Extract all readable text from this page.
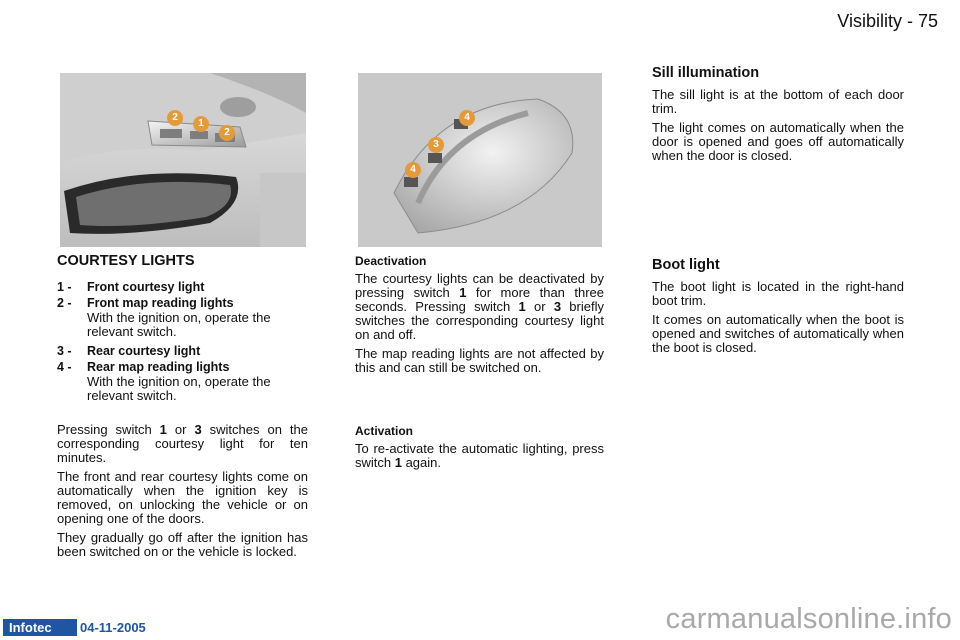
Visibility - 75
2
1
2
4
3
4
COURTESY LIGHTS
1 -	Front courtesy light
2 -	Front map reading lights
With the ignition on, operate the relevant switch.
3 -	Rear courtesy light
4 -	Rear map reading lights
With the ignition on, operate the relevant switch.

Pressing switch 1 or 3 switches on the corresponding courtesy light for ten minutes.

The front and rear courtesy lights come on automatically when the ignition key is removed, on unlocking the vehicle or on opening one of the doors.

They gradually go off after the ignition has been switched on or the vehicle is locked.

Deactivation

The courtesy lights can be deactivated by pressing switch 1 for more than three seconds. Pressing switch 1 or 3 briefly switches the corresponding courtesy light on and off.

The map reading lights are not affected by this and can still be switched on.

Activation

To re-activate the automatic lighting, press switch 1 again.

Sill illumination

The sill light is at the bottom of each door trim.

The light comes on automatically when the door is opened and goes off automatically when the door is closed.

Boot light

The boot light is located in the right-hand boot trim.

It comes on automatically when the boot is opened and switches of automatically when the boot is closed.

Infotec	04-11-2005	carmanualsonline.info
